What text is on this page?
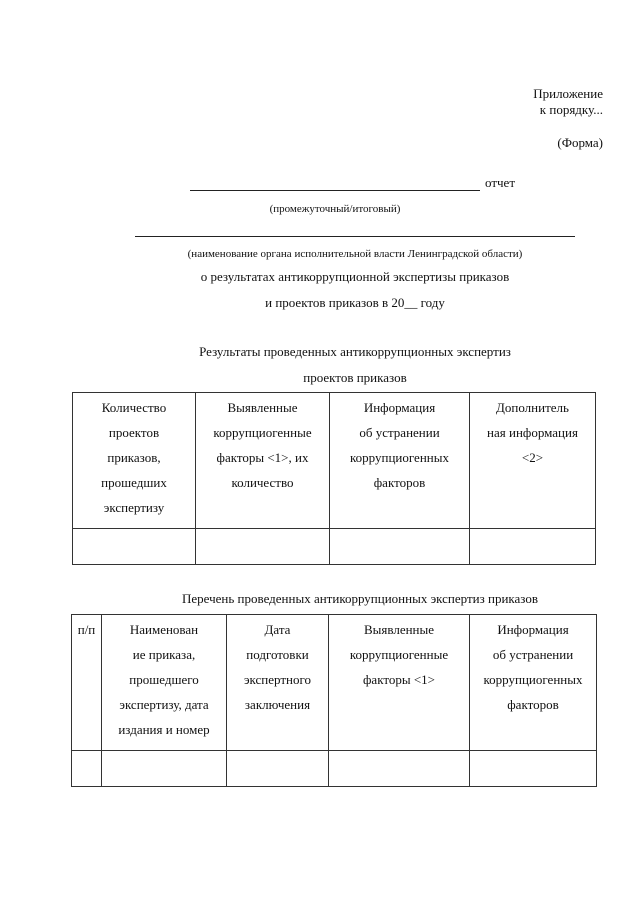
Приложение
к порядку...
(Форма)
отчет
(промежуточный/итоговый)
(наименование органа исполнительной власти Ленинградской области)
о результатах антикоррупционной экспертизы приказов
и проектов приказов в 20__ году
Результаты проведенных антикоррупционных экспертиз
проектов приказов
Количество
проектов
приказов,
прошедших
экспертизу	Выявленные
коррупциогенные
факторы <1>, их
количество	Информация
об устранении
коррупциогенных
факторов	Дополнитель
ная информация
<2>

Перечень проведенных антикоррупционных экспертиз приказов
п/п	Наименован
ие приказа,
прошедшего
экспертизу, дата
издания и номер	Дата
подготовки
экспертного
заключения	Выявленные
коррупциогенные
факторы <1>	Информация
об устранении
коррупциогенных
факторов
